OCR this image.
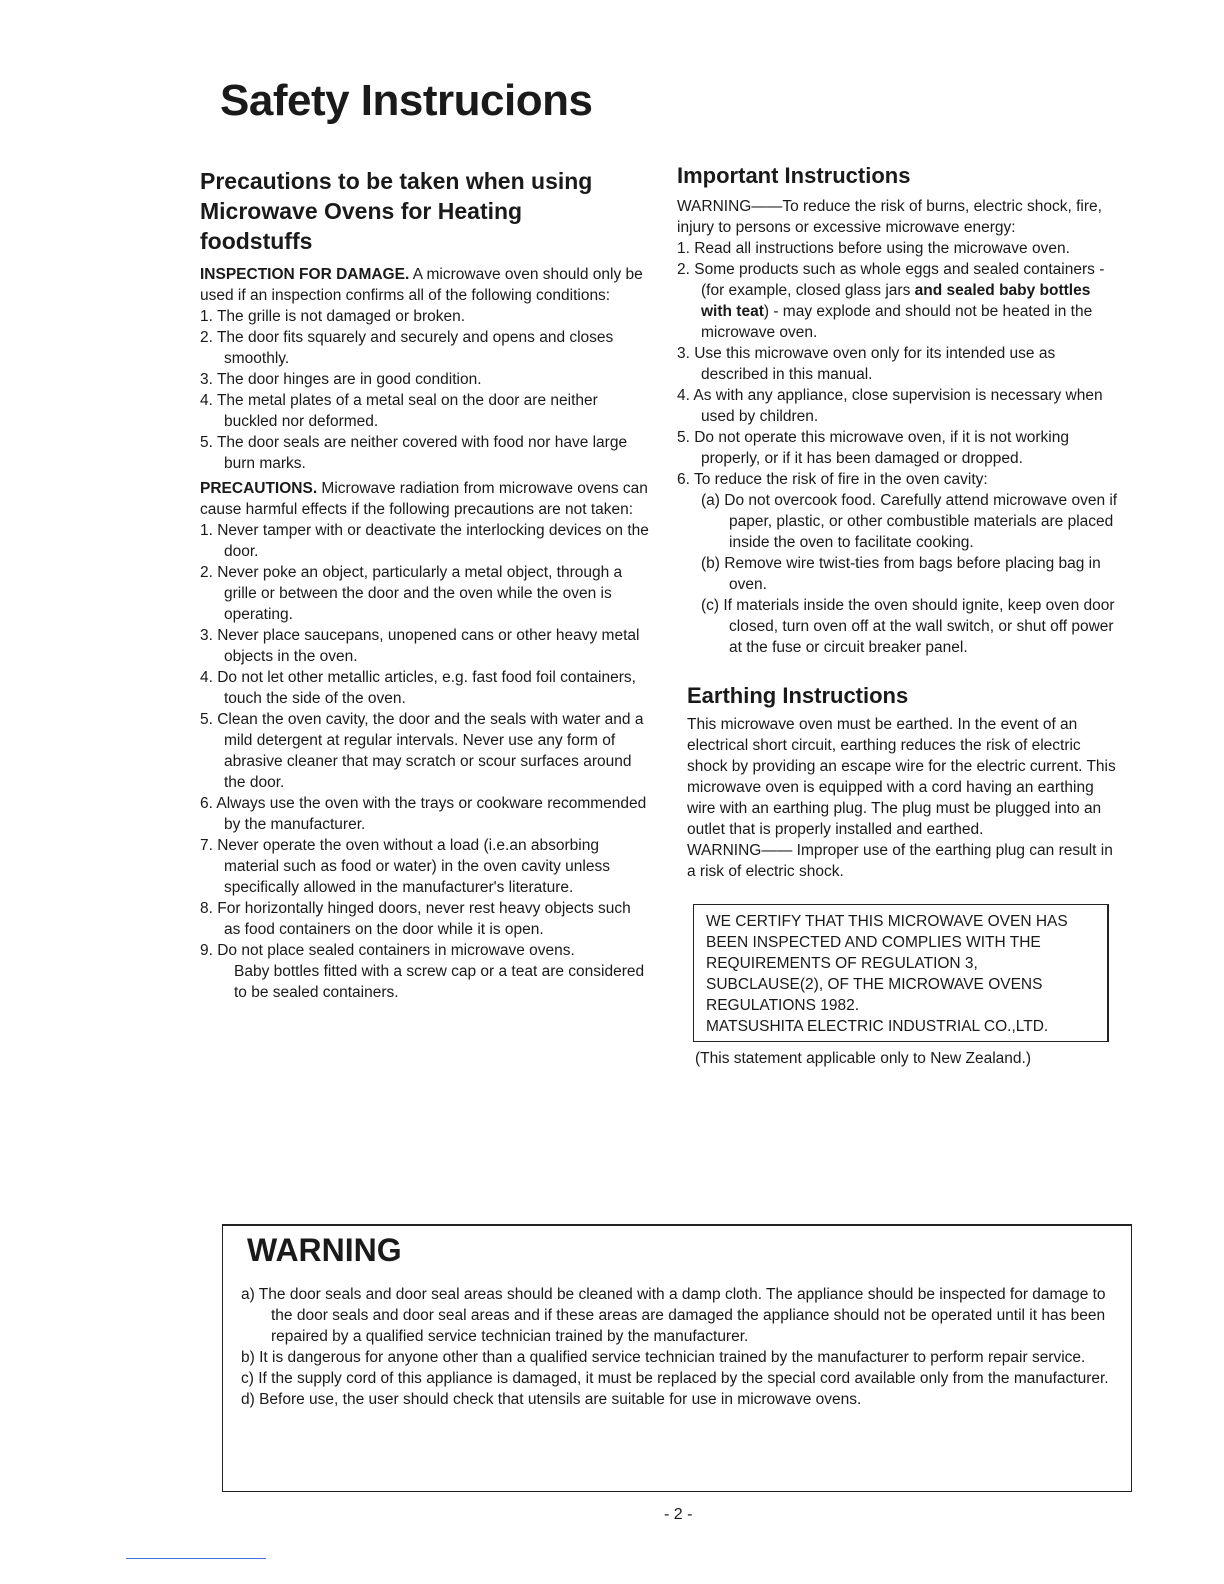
Safety Instrucions
Precautions to be taken when using Microwave Ovens for Heating foodstuffs

INSPECTION FOR DAMAGE. A microwave oven should only be used if an inspection confirms all of the following conditions:

1. The grille is not damaged or broken.
2. The door fits squarely and securely and opens and closes smoothly.
3. The door hinges are in good condition.
4. The metal plates of a metal seal on the door are neither buckled nor deformed.
5. The door seals are neither covered with food nor have large burn marks.

PRECAUTIONS. Microwave radiation from microwave ovens can cause harmful effects if the following precautions are not taken:

1. Never tamper with or deactivate the interlocking devices on the door.
2. Never poke an object, particularly a metal object, through a grille or between the door and the oven while the oven is operating.
3. Never place saucepans, unopened cans or other heavy metal objects in the oven.
4. Do not let other metallic articles, e.g. fast food foil containers, touch the side of the oven.
5. Clean the oven cavity, the door and the seals with water and a mild detergent at regular intervals. Never use any form of abrasive cleaner that may scratch or scour surfaces around the door.
6. Always use the oven with the trays or cookware recommended by the manufacturer.
7. Never operate the oven without a load (i.e.an absorbing material such as food or water) in the oven cavity unless specifically allowed in the manufacturer's literature.
8. For horizontally hinged doors, never rest heavy objects such as food containers on the door while it is open.
9. Do not place sealed containers in microwave ovens.

Baby bottles fitted with a screw cap or a teat are considered to be sealed containers.

Important Instructions

WARNING——To reduce the risk of burns, electric shock, fire, injury to persons or excessive microwave energy:

1. Read all instructions before using the microwave oven.
2. Some products such as whole eggs and sealed containers - (for example, closed glass jars and sealed baby bottles with teat) - may explode and should not be heated in the microwave oven.
3. Use this microwave oven only for its intended use as described in this manual.
4. As with any appliance, close supervision is necessary when used by children.
5. Do not operate this microwave oven, if it is not working properly, or if it has been damaged or dropped.
6. To reduce the risk of fire in the oven cavity:
(a) Do not overcook food. Carefully attend microwave oven if paper, plastic, or other combustible materials are placed inside the oven to facilitate cooking.
(b) Remove wire twist-ties from bags before placing bag in oven.
(c) If materials inside the oven should ignite, keep oven door closed, turn oven off at the wall switch, or shut off power at the fuse or circuit breaker panel.
Earthing Instructions

This microwave oven must be earthed. In the event of an electrical short circuit, earthing reduces the risk of electric shock by providing an escape wire for the electric current. This microwave oven is equipped with a cord having an earthing wire with an earthing plug. The plug must be plugged into an outlet that is properly installed and earthed.

WARNING—— Improper use of the earthing plug can result in a risk of electric shock.

WE CERTIFY THAT THIS MICROWAVE OVEN HAS BEEN INSPECTED AND COMPLIES WITH THE REQUIREMENTS OF REGULATION 3, SUBCLAUSE(2), OF THE MICROWAVE OVENS REGULATIONS 1982.

MATSUSHITA ELECTRIC INDUSTRIAL CO.,LTD.

(This statement applicable only to New Zealand.)

WARNING
a) The door seals and door seal areas should be cleaned with a damp cloth. The appliance should be inspected for damage to the door seals and door seal areas and if these areas are damaged the appliance should not be operated until it has been repaired by a qualified service technician trained by the manufacturer.
b) It is dangerous for anyone other than a qualified service technician trained by the manufacturer to perform repair service.
c) If the supply cord of this appliance is damaged, it must be replaced by the special cord available only from the manufacturer.
d) Before use, the user should check that utensils are suitable for use in microwave ovens.
- 2 -
